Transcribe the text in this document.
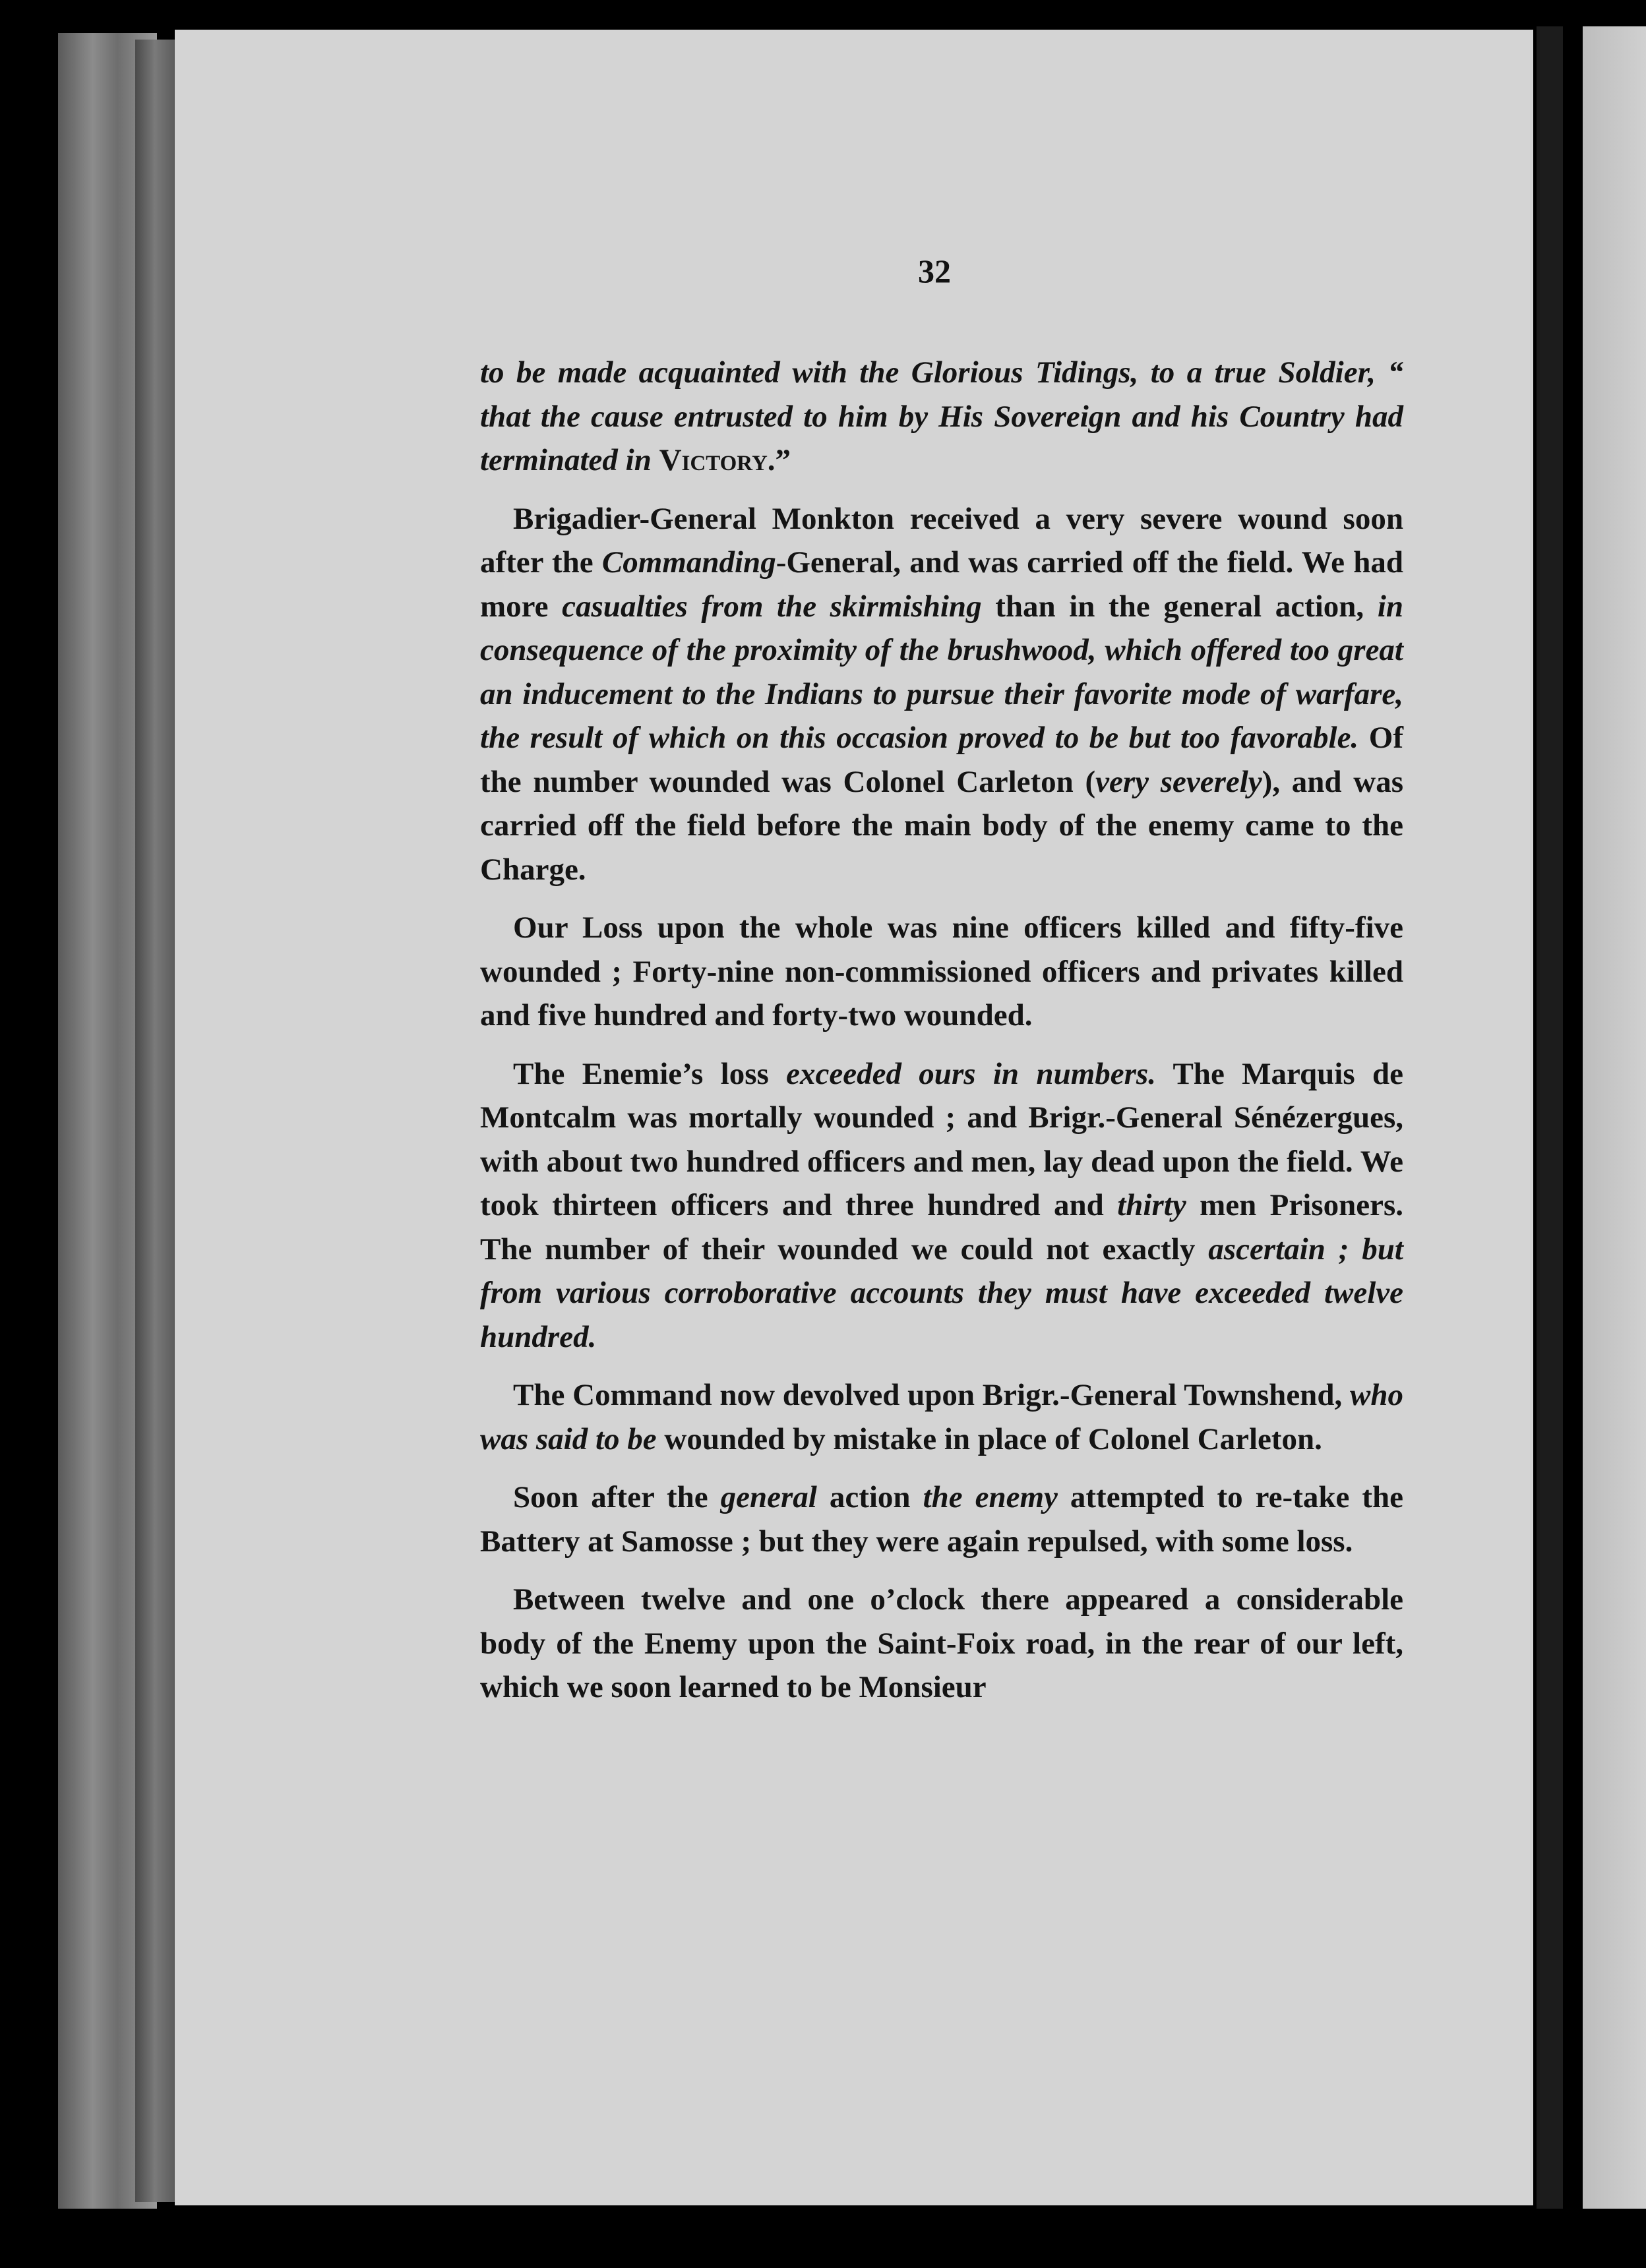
32

to be made acquainted with the Glorious Tidings, to a true Soldier, “ that the cause entrusted to him by His Sovereign and his Country had terminated in Victory.”

Brigadier-General Monkton received a very severe wound soon after the Commanding-General, and was carried off the field. We had more casualties from the skirmishing than in the general action, in consequence of the proximity of the brushwood, which offered too great an inducement to the Indians to pursue their favorite mode of warfare, the result of which on this occasion proved to be but too favorable. Of the number wounded was Colonel Carleton (very severely), and was carried off the field before the main body of the enemy came to the Charge.

Our Loss upon the whole was nine officers killed and fifty-five wounded ; Forty-nine non-commissioned officers and privates killed and five hundred and forty-two wounded.

The Enemie’s loss exceeded ours in numbers. The Marquis de Montcalm was mortally wounded ; and Brigr.-General Sénézergues, with about two hundred officers and men, lay dead upon the field. We took thirteen officers and three hundred and thirty men Prisoners. The number of their wounded we could not exactly ascertain ; but from various corroborative accounts they must have exceeded twelve hundred.

The Command now devolved upon Brigr.-General Townshend, who was said to be wounded by mistake in place of Colonel Carleton.

Soon after the general action the enemy attempted to re-take the Battery at Samosse ; but they were again repulsed, with some loss.

Between twelve and one o’clock there appeared a considerable body of the Enemy upon the Saint-Foix road, in the rear of our left, which we soon learned to be Monsieur
